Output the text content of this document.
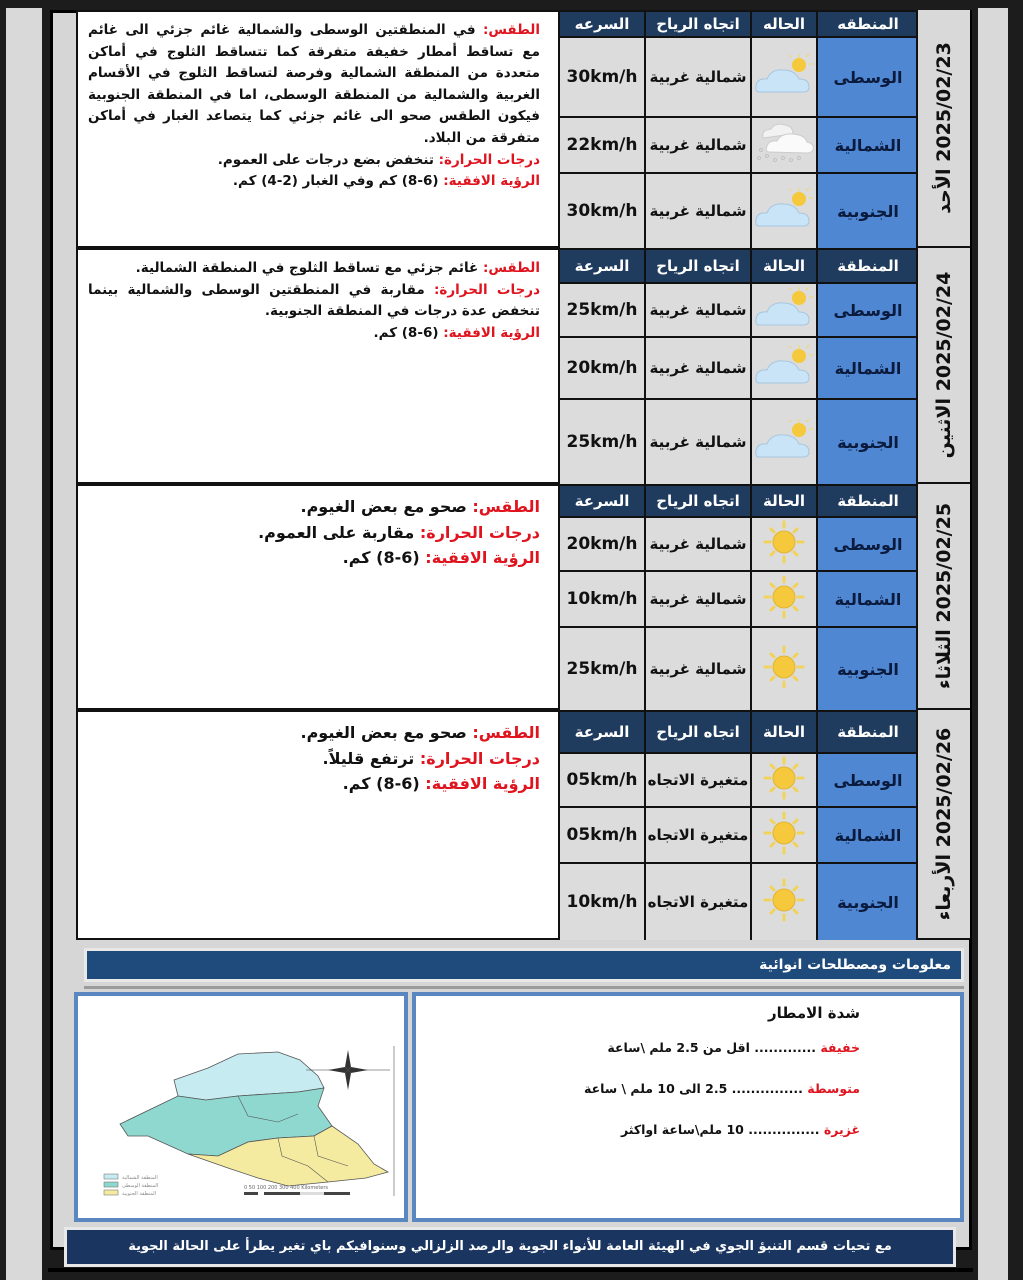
الطقس: في المنطقتين الوسطى والشمالية غائم جزئي الى غائم مع تساقط أمطار خفيفة متفرقة كما تتساقط الثلوج في أماكن متعددة من المنطقة الشمالية وفرصة لتساقط الثلوج في الأقسام الغربية والشمالية من المنطقة الوسطى، اما في المنطقة الجنوبية فيكون الطقس صحو الى غائم جزئي كما يتصاعد الغبار في أماكن متفرقة من البلاد.

درجات الحرارة: تنخفض بضع درجات على العموم.

الرؤية الافقية: (6-8) كم وفي الغبار (2-4) كم.

السرعه	اتجاه الرياح	الحاله	المنطقه
30km/h شمالية غربية	الوسطى
22km/h شمالية غربية	الشمالية
30km/h شمالية غربية	الجنوبية	2025/02/23 الأحد

الطقس: غائم جزئي مع تساقط الثلوج في المنطقة الشمالية.

درجات الحرارة: مقاربة في المنطقتين الوسطى والشمالية بينما تنخفض عدة درجات في المنطقة الجنوبية.

الرؤية الافقية: (6-8) كم.

السرعة	اتجاه الرياح	الحالة	المنطقة
25km/h شمالية غربية	الوسطى
20km/h شمالية غربية	الشمالية
25km/h شمالية غربية	الجنوبية	2025/02/24 الاثنين

الطقس: صحو مع بعض الغيوم.

درجات الحرارة: مقاربة على العموم.

الرؤية الافقية: (6-8) كم.

السرعة	اتجاه الرياح	الحالة	المنطقة
20km/h شمالية غربية	الوسطى
10km/h شمالية غربية	الشمالية
25km/h شمالية غربية	الجنوبية	2025/02/25 الثلاثاء

الطقس: صحو مع بعض الغيوم.

درجات الحرارة: ترتفع قليلاً.

الرؤية الافقية: (6-8) كم.

السرعة	اتجاه الرياح	الحالة	المنطقة
05km/h متغيرة الاتجاه	الوسطى
05km/h متغيرة الاتجاه	الشمالية
10km/h متغيرة الاتجاه	الجنوبية	2025/02/26 الأربعاء
معلومات ومصطلحات انوائية
المنطقة الشمالية
المنطقة الوسطى
المنطقة الجنوبية
0 50 100 200 300 400 Kilometers
شدة الامطار
خفيفة ............. اقل من 2.5 ملم \ساعة
متوسطة ............... 2.5 الى 10 ملم \ ساعة
غزيرة ............... 10 ملم\ساعة اواكثر
مع تحيات قسم التنبؤ الجوي في الهيئة العامة للأنواء الجوية والرصد الزلزالي وسنوافيكم باي تغير يطرأ على الحالة الجوية
